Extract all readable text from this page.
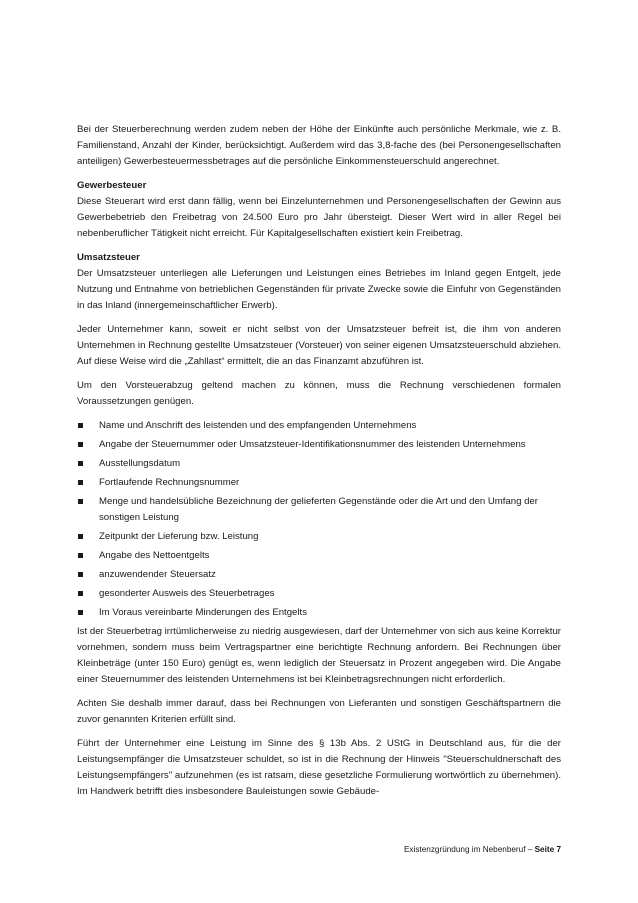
Bei der Steuerberechnung werden zudem neben der Höhe der Einkünfte auch persönliche Merkmale, wie z. B. Familienstand, Anzahl der Kinder, berücksichtigt. Außerdem wird das 3,8-fache des (bei Personengesellschaften anteiligen) Gewerbesteuermessbetrages auf die persönliche Einkommensteuerschuld angerechnet.

Gewerbesteuer

Diese Steuerart wird erst dann fällig, wenn bei Einzelunternehmen und Personengesellschaften der Gewinn aus Gewerbebetrieb den Freibetrag von 24.500 Euro pro Jahr übersteigt. Dieser Wert wird in aller Regel bei nebenberuflicher Tätigkeit nicht erreicht. Für Kapitalgesellschaften existiert kein Freibetrag.

Umsatzsteuer

Der Umsatzsteuer unterliegen alle Lieferungen und Leistungen eines Betriebes im Inland gegen Entgelt, jede Nutzung und Entnahme von betrieblichen Gegenständen für private Zwecke sowie die Einfuhr von Gegenständen in das Inland (innergemeinschaftlicher Erwerb).

Jeder Unternehmer kann, soweit er nicht selbst von der Umsatzsteuer befreit ist, die ihm von anderen Unternehmen in Rechnung gestellte Umsatzsteuer (Vorsteuer) von seiner eigenen Umsatzsteuerschuld abziehen. Auf diese Weise wird die „Zahllast“ ermittelt, die an das Finanzamt abzuführen ist.

Um den Vorsteuerabzug geltend machen zu können, muss die Rechnung verschiedenen formalen Voraussetzungen genügen.

Name und Anschrift des leistenden und des empfangenden Unternehmens
Angabe der Steuernummer oder Umsatzsteuer-Identifikationsnummer des leistenden Unternehmens
Ausstellungsdatum
Fortlaufende Rechnungsnummer
Menge und handelsübliche Bezeichnung der gelieferten Gegenstände oder die Art und den Umfang der sonstigen Leistung
Zeitpunkt der Lieferung bzw. Leistung
Angabe des Nettoentgelts
anzuwendender Steuersatz
gesonderter Ausweis des Steuerbetrages
Im Voraus vereinbarte Minderungen des Entgelts

Ist der Steuerbetrag irrtümlicherweise zu niedrig ausgewiesen, darf der Unternehmer von sich aus keine Korrektur vornehmen, sondern muss beim Vertragspartner eine berichtigte Rechnung anfordern. Bei Rechnungen über Kleinbeträge (unter 150 Euro) genügt es, wenn lediglich der Steuersatz in Prozent angegeben wird. Die Angabe einer Steuernummer des leistenden Unternehmens ist bei Kleinbetragsrechnungen nicht erforderlich.

Achten Sie deshalb immer darauf, dass bei Rechnungen von Lieferanten und sonstigen Geschäftspartnern die zuvor genannten Kriterien erfüllt sind.

Führt der Unternehmer eine Leistung im Sinne des § 13b Abs. 2 UStG in Deutschland aus, für die der Leistungsempfänger die Umsatzsteuer schuldet, so ist in die Rechnung der Hinweis "Steuerschuldnerschaft des Leistungsempfängers" aufzunehmen (es ist ratsam, diese gesetzliche Formulierung wortwörtlich zu übernehmen). Im Handwerk betrifft dies insbesondere Bauleistungen sowie Gebäude-

Existenzgründung im Nebenberuf – Seite 7
